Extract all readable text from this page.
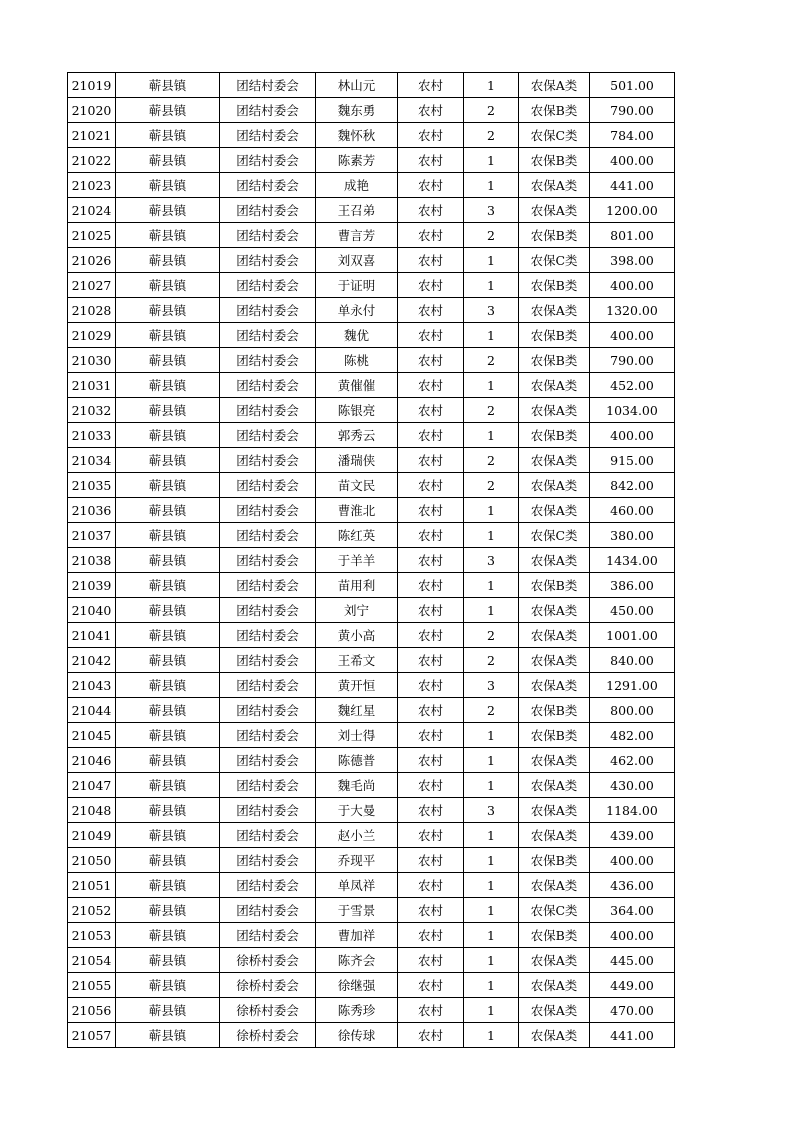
21019	蕲县镇	团结村委会	林山元	农村	1	农保A类	501.00
21020	蕲县镇	团结村委会	魏东勇	农村	2	农保B类	790.00
21021	蕲县镇	团结村委会	魏怀秋	农村	2	农保C类	784.00
21022	蕲县镇	团结村委会	陈素芳	农村	1	农保B类	400.00
21023	蕲县镇	团结村委会	成艳	农村	1	农保A类	441.00
21024	蕲县镇	团结村委会	王召弟	农村	3	农保A类	1200.00
21025	蕲县镇	团结村委会	曹言芳	农村	2	农保B类	801.00
21026	蕲县镇	团结村委会	刘双喜	农村	1	农保C类	398.00
21027	蕲县镇	团结村委会	于证明	农村	1	农保B类	400.00
21028	蕲县镇	团结村委会	单永付	农村	3	农保A类	1320.00
21029	蕲县镇	团结村委会	魏优	农村	1	农保B类	400.00
21030	蕲县镇	团结村委会	陈桃	农村	2	农保B类	790.00
21031	蕲县镇	团结村委会	黄催催	农村	1	农保A类	452.00
21032	蕲县镇	团结村委会	陈银亮	农村	2	农保A类	1034.00
21033	蕲县镇	团结村委会	郭秀云	农村	1	农保B类	400.00
21034	蕲县镇	团结村委会	潘瑞侠	农村	2	农保A类	915.00
21035	蕲县镇	团结村委会	苗文民	农村	2	农保A类	842.00
21036	蕲县镇	团结村委会	曹淮北	农村	1	农保A类	460.00
21037	蕲县镇	团结村委会	陈红英	农村	1	农保C类	380.00
21038	蕲县镇	团结村委会	于羊羊	农村	3	农保A类	1434.00
21039	蕲县镇	团结村委会	苗用利	农村	1	农保B类	386.00
21040	蕲县镇	团结村委会	刘宁	农村	1	农保A类	450.00
21041	蕲县镇	团结村委会	黄小高	农村	2	农保A类	1001.00
21042	蕲县镇	团结村委会	王希文	农村	2	农保A类	840.00
21043	蕲县镇	团结村委会	黄开恒	农村	3	农保A类	1291.00
21044	蕲县镇	团结村委会	魏红星	农村	2	农保B类	800.00
21045	蕲县镇	团结村委会	刘士得	农村	1	农保B类	482.00
21046	蕲县镇	团结村委会	陈德普	农村	1	农保A类	462.00
21047	蕲县镇	团结村委会	魏毛尚	农村	1	农保A类	430.00
21048	蕲县镇	团结村委会	于大曼	农村	3	农保A类	1184.00
21049	蕲县镇	团结村委会	赵小兰	农村	1	农保A类	439.00
21050	蕲县镇	团结村委会	乔现平	农村	1	农保B类	400.00
21051	蕲县镇	团结村委会	单凤祥	农村	1	农保A类	436.00
21052	蕲县镇	团结村委会	于雪景	农村	1	农保C类	364.00
21053	蕲县镇	团结村委会	曹加祥	农村	1	农保B类	400.00
21054	蕲县镇	徐桥村委会	陈齐会	农村	1	农保A类	445.00
21055	蕲县镇	徐桥村委会	徐继强	农村	1	农保A类	449.00
21056	蕲县镇	徐桥村委会	陈秀珍	农村	1	农保A类	470.00
21057	蕲县镇	徐桥村委会	徐传球	农村	1	农保A类	441.00
